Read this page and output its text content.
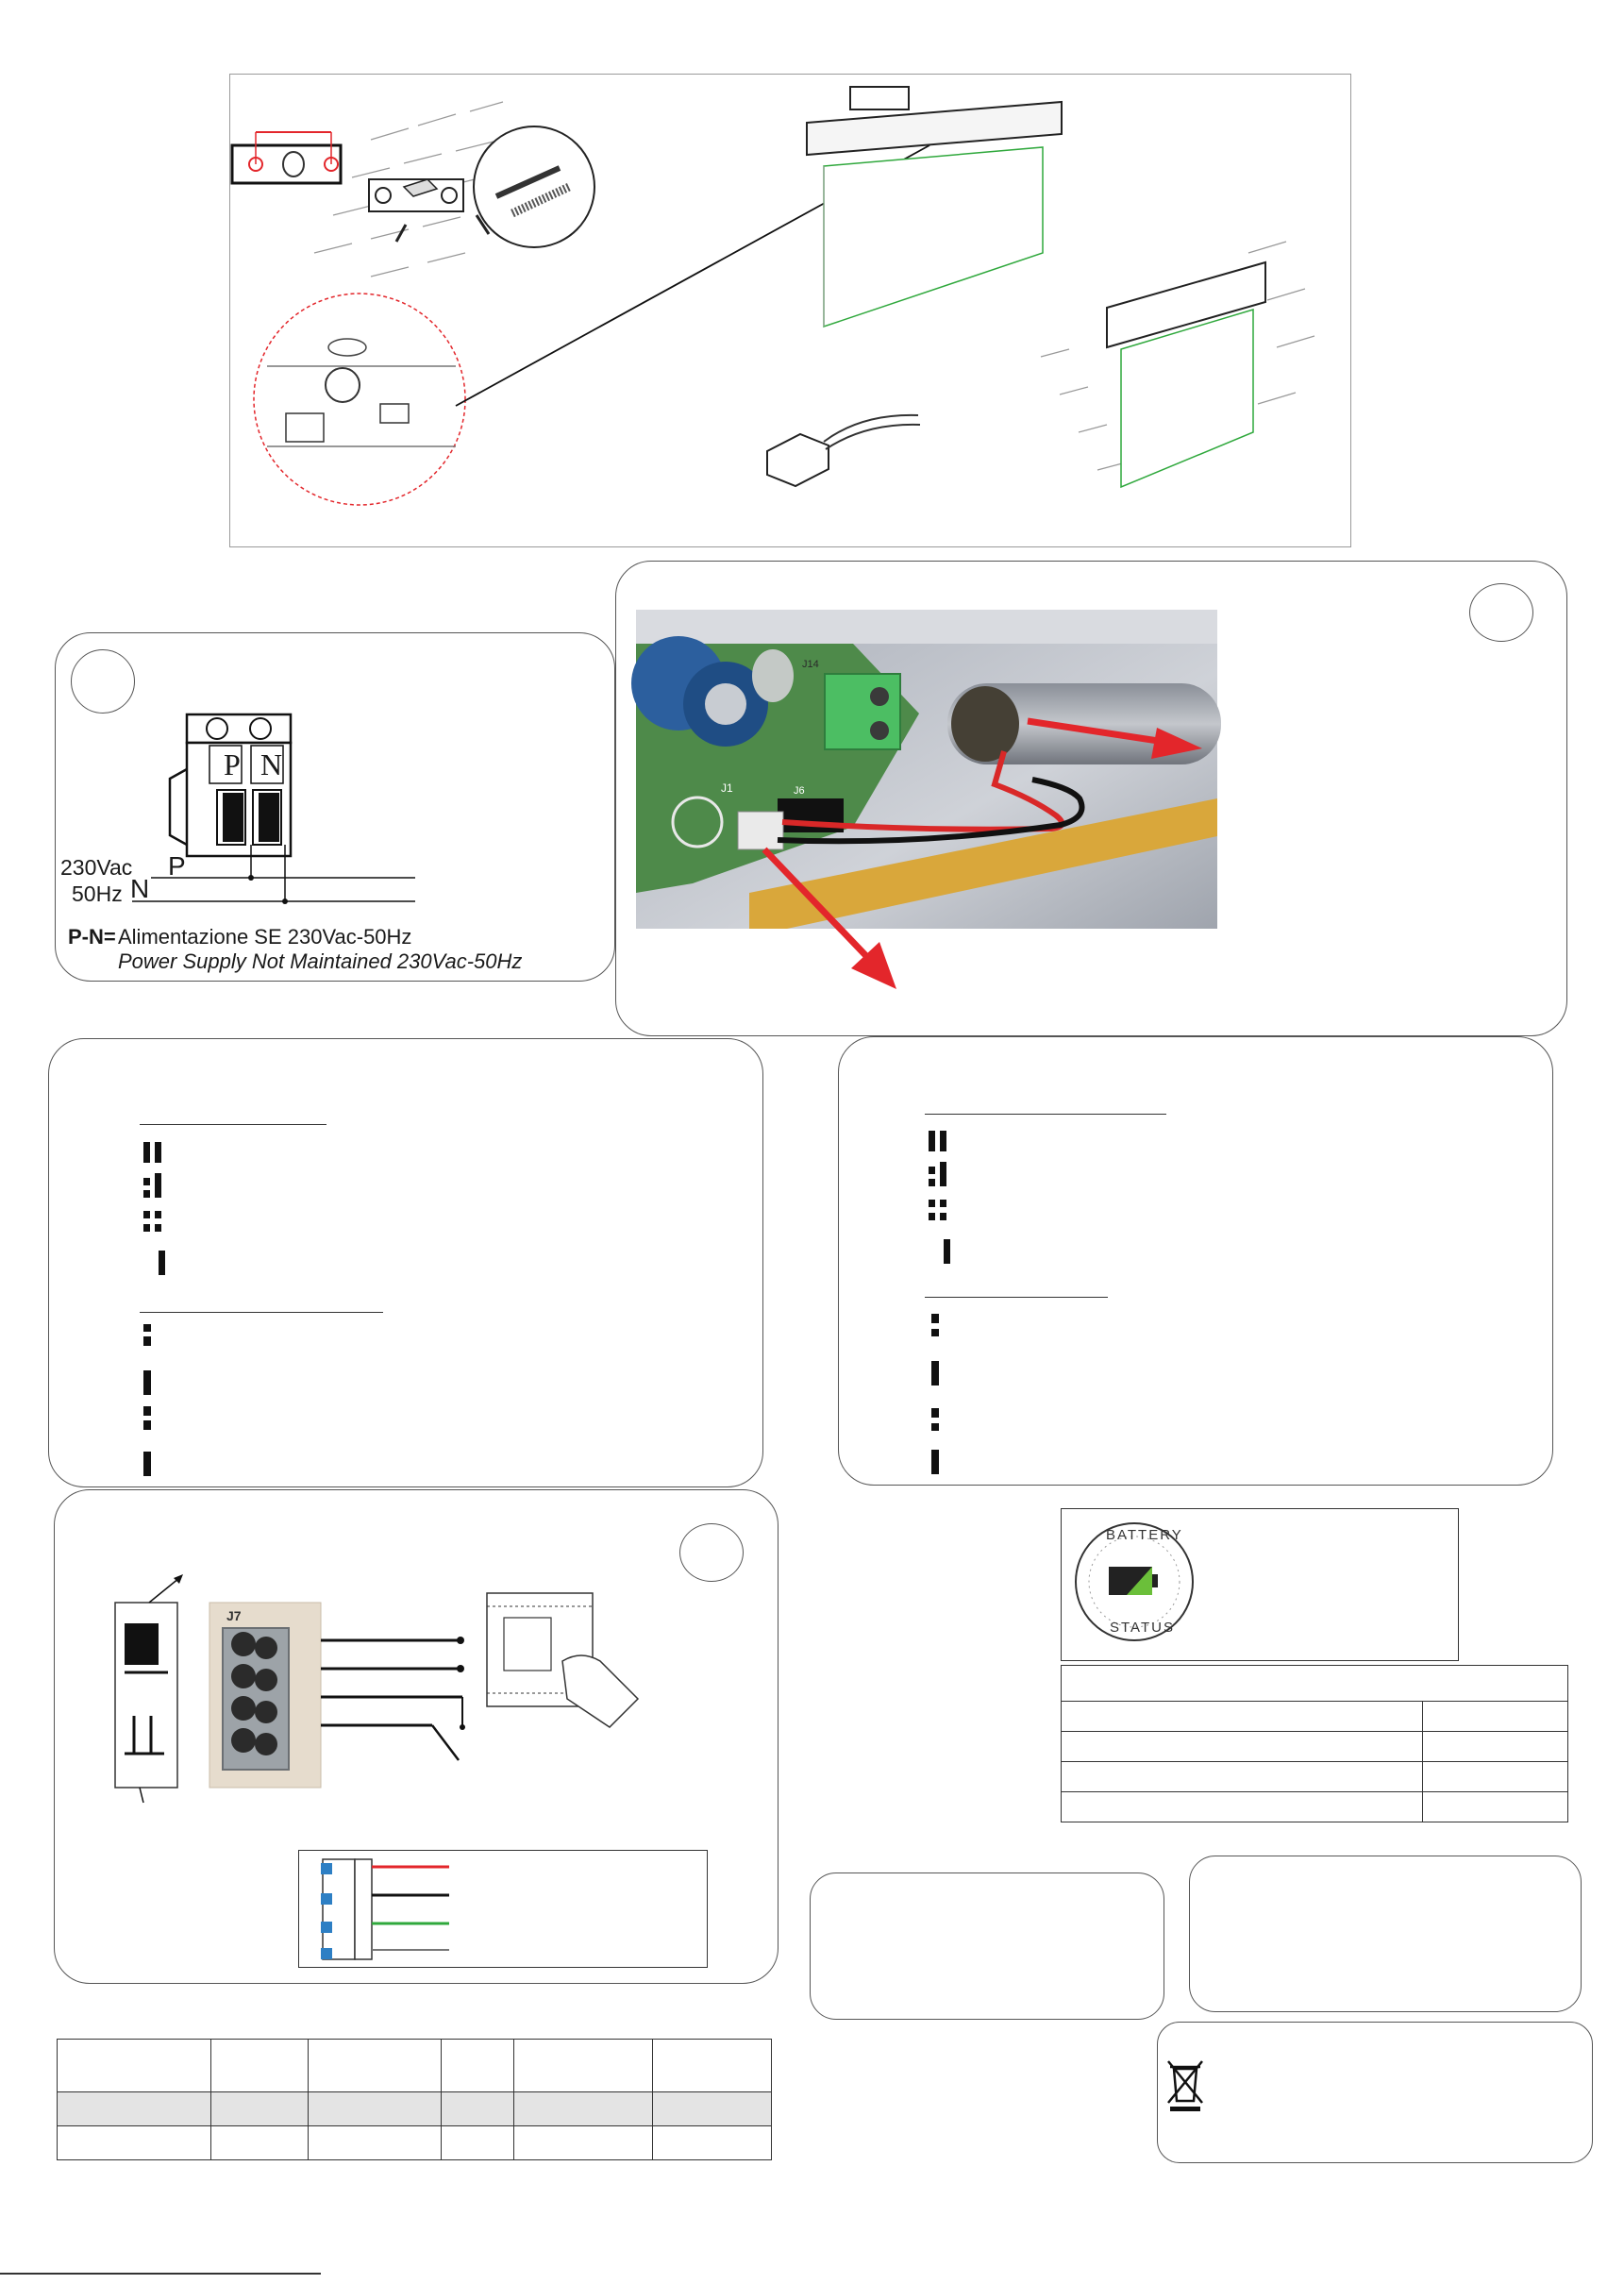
P N
230Vac
50Hz
P
N
P-N= Alimentazione SE 230Vac-50Hz
Power Supply Not Maintained 230Vac-50Hz
J1	J6
J14
J7
BATTERY
STATUS
